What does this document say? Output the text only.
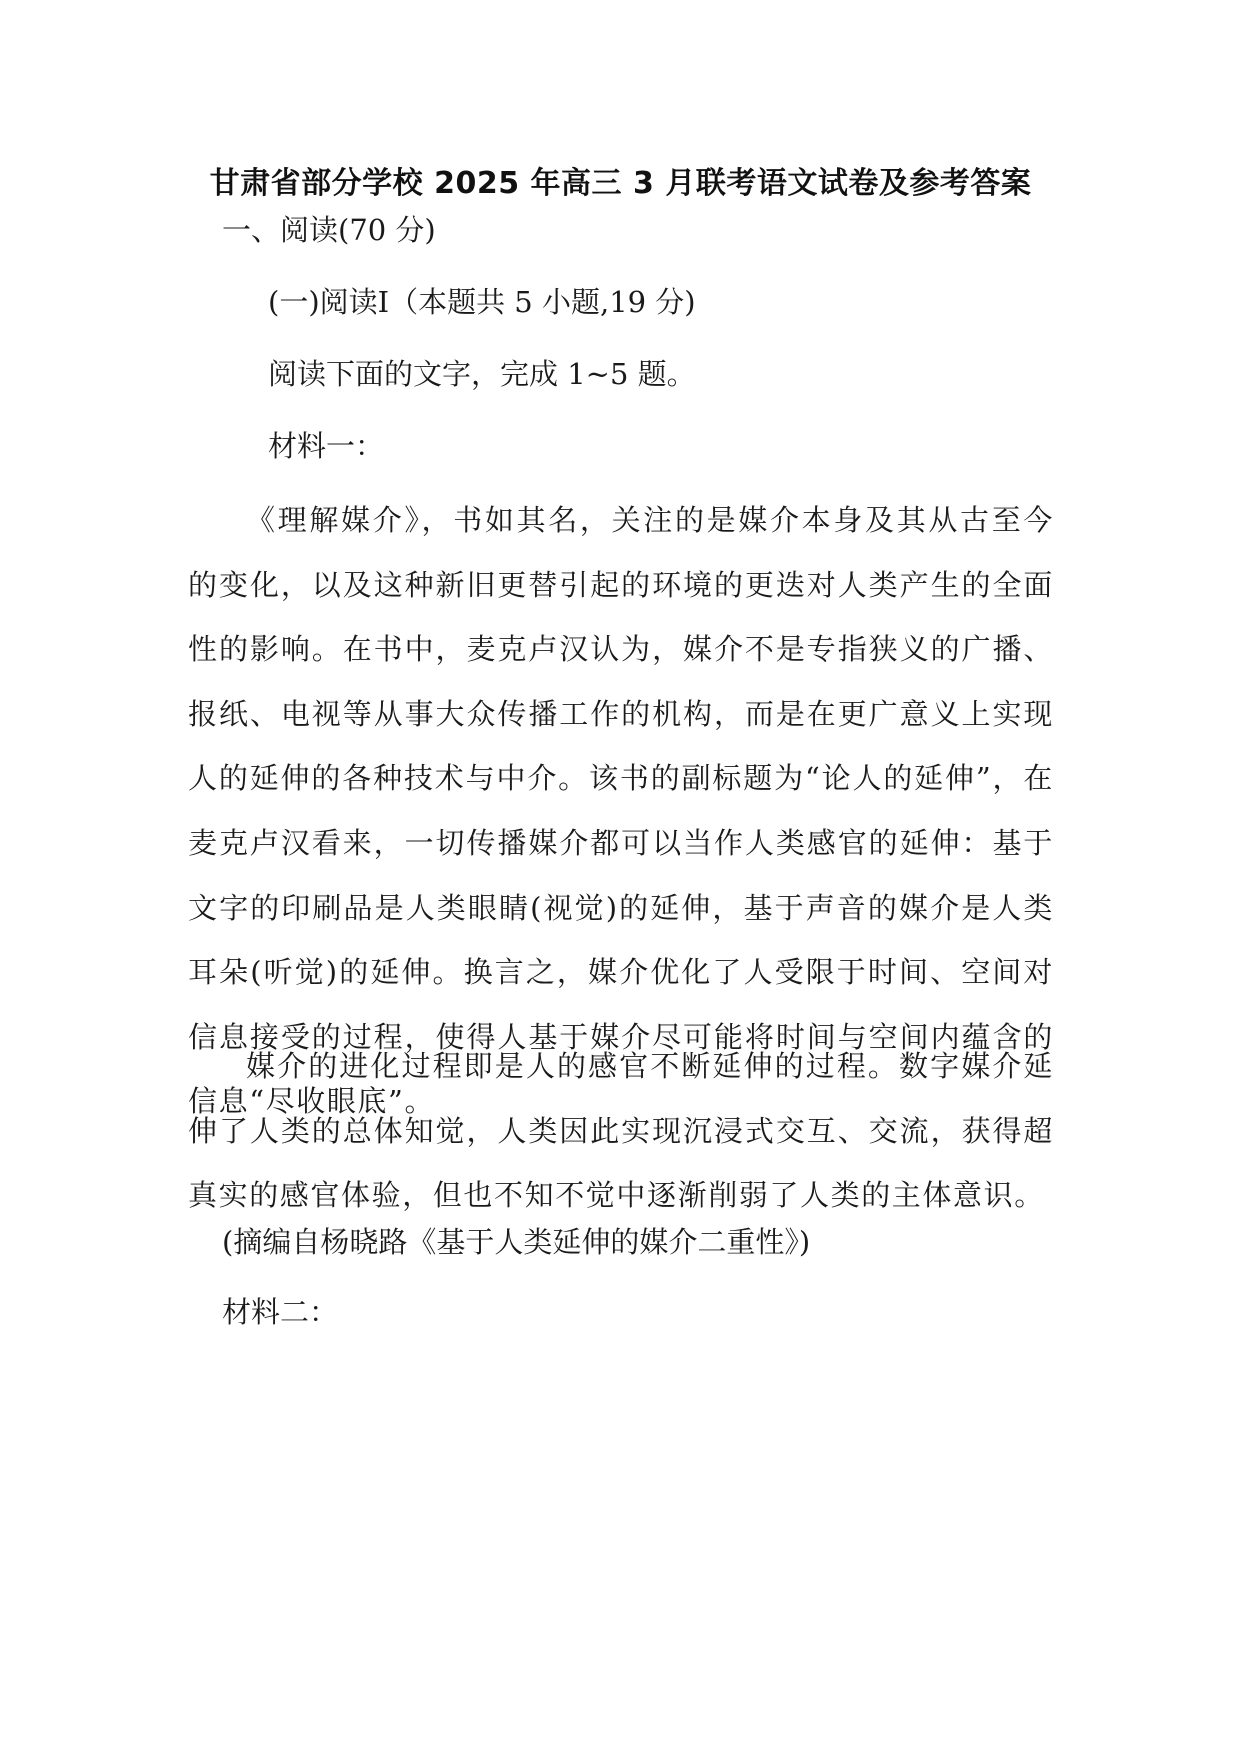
甘肃省部分学校 2025 年高三 3 月联考语文试卷及参考答案
一、阅读(70 分)
(一)阅读Ⅰ（本题共 5 小题,19 分)
阅读下面的文字，完成 1~5 题。
材料一：

《理解媒介》，书如其名，关注的是媒介本身及其从古至今的变化，以及这种新旧更替引起的环境的更迭对人类产生的全面性的影响。在书中，麦克卢汉认为，媒介不是专指狭义的广播、报纸、电视等从事大众传播工作的机构，而是在更广意义上实现人的延伸的各种技术与中介。该书的副标题为“论人的延伸”，在麦克卢汉看来，一切传播媒介都可以当作人类感官的延伸：基于文字的印刷品是人类眼睛(视觉)的延伸，基于声音的媒介是人类耳朵(听觉)的延伸。换言之，媒介优化了人受限于时间、空间对信息接受的过程，使得人基于媒介尽可能将时间与空间内蕴含的信息“尽收眼底”。

媒介的进化过程即是人的感官不断延伸的过程。数字媒介延伸了人类的总体知觉，人类因此实现沉浸式交互、交流，获得超真实的感官体验，但也不知不觉中逐渐削弱了人类的主体意识。

(摘编自杨晓路《基于人类延伸的媒介二重性》)
材料二：
